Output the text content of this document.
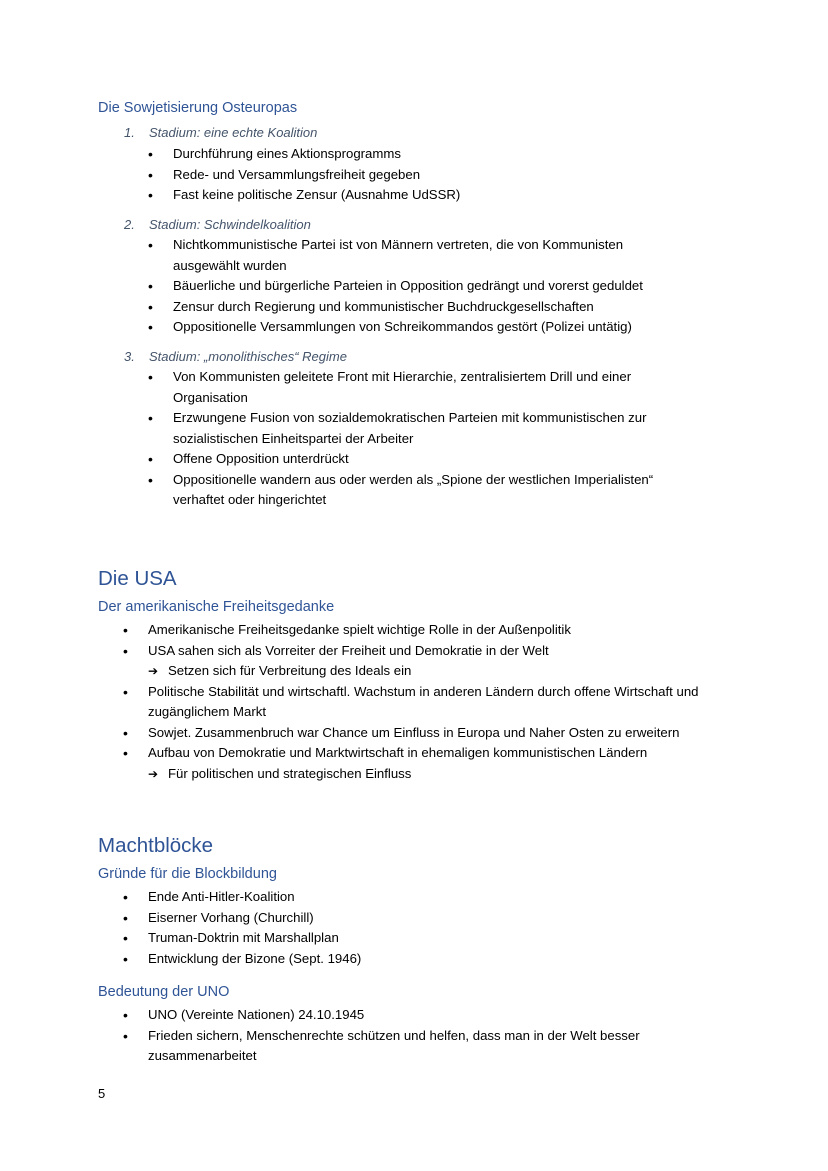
Die Sowjetisierung Osteuropas
1. Stadium: eine echte Koalition
• Durchführung eines Aktionsprogramms
• Rede- und Versammlungsfreiheit gegeben
• Fast keine politische Zensur (Ausnahme UdSSR)
2. Stadium: Schwindelkoalition
• Nichtkommunistische Partei ist von Männern vertreten, die von Kommunisten ausgewählt wurden
• Bäuerliche und bürgerliche Parteien in Opposition gedrängt und vorerst geduldet
• Zensur durch Regierung und kommunistischer Buchdruckgesellschaften
• Oppositionelle Versammlungen von Schreikommandos gestört (Polizei untätig)
3. Stadium: „monolithisches“ Regime
• Von Kommunisten geleitete Front mit Hierarchie, zentralisiertem Drill und einer Organisation
• Erzwungene Fusion von sozialdemokratischen Parteien mit kommunistischen zur sozialistischen Einheitspartei der Arbeiter
• Offene Opposition unterdrückt
• Oppositionelle wandern aus oder werden als „Spione der westlichen Imperialisten“ verhaftet oder hingerichtet
Die USA
Der amerikanische Freiheitsgedanke
• Amerikanische Freiheitsgedanke spielt wichtige Rolle in der Außenpolitik
• USA sahen sich als Vorreiter der Freiheit und Demokratie in der Welt
➔ Setzen sich für Verbreitung des Ideals ein
• Politische Stabilität und wirtschaftl. Wachstum in anderen Ländern durch offene Wirtschaft und zugänglichem Markt
• Sowjet. Zusammenbruch war Chance um Einfluss in Europa und Naher Osten zu erweitern
• Aufbau von Demokratie und Marktwirtschaft in ehemaligen kommunistischen Ländern
➔ Für politischen und strategischen Einfluss
Machtblöcke
Gründe für die Blockbildung
• Ende Anti-Hitler-Koalition
• Eiserner Vorhang (Churchill)
• Truman-Doktrin mit Marshallplan
• Entwicklung der Bizone (Sept. 1946)
Bedeutung der UNO
• UNO (Vereinte Nationen) 24.10.1945
• Frieden sichern, Menschenrechte schützen und helfen, dass man in der Welt besser zusammenarbeitet
5
